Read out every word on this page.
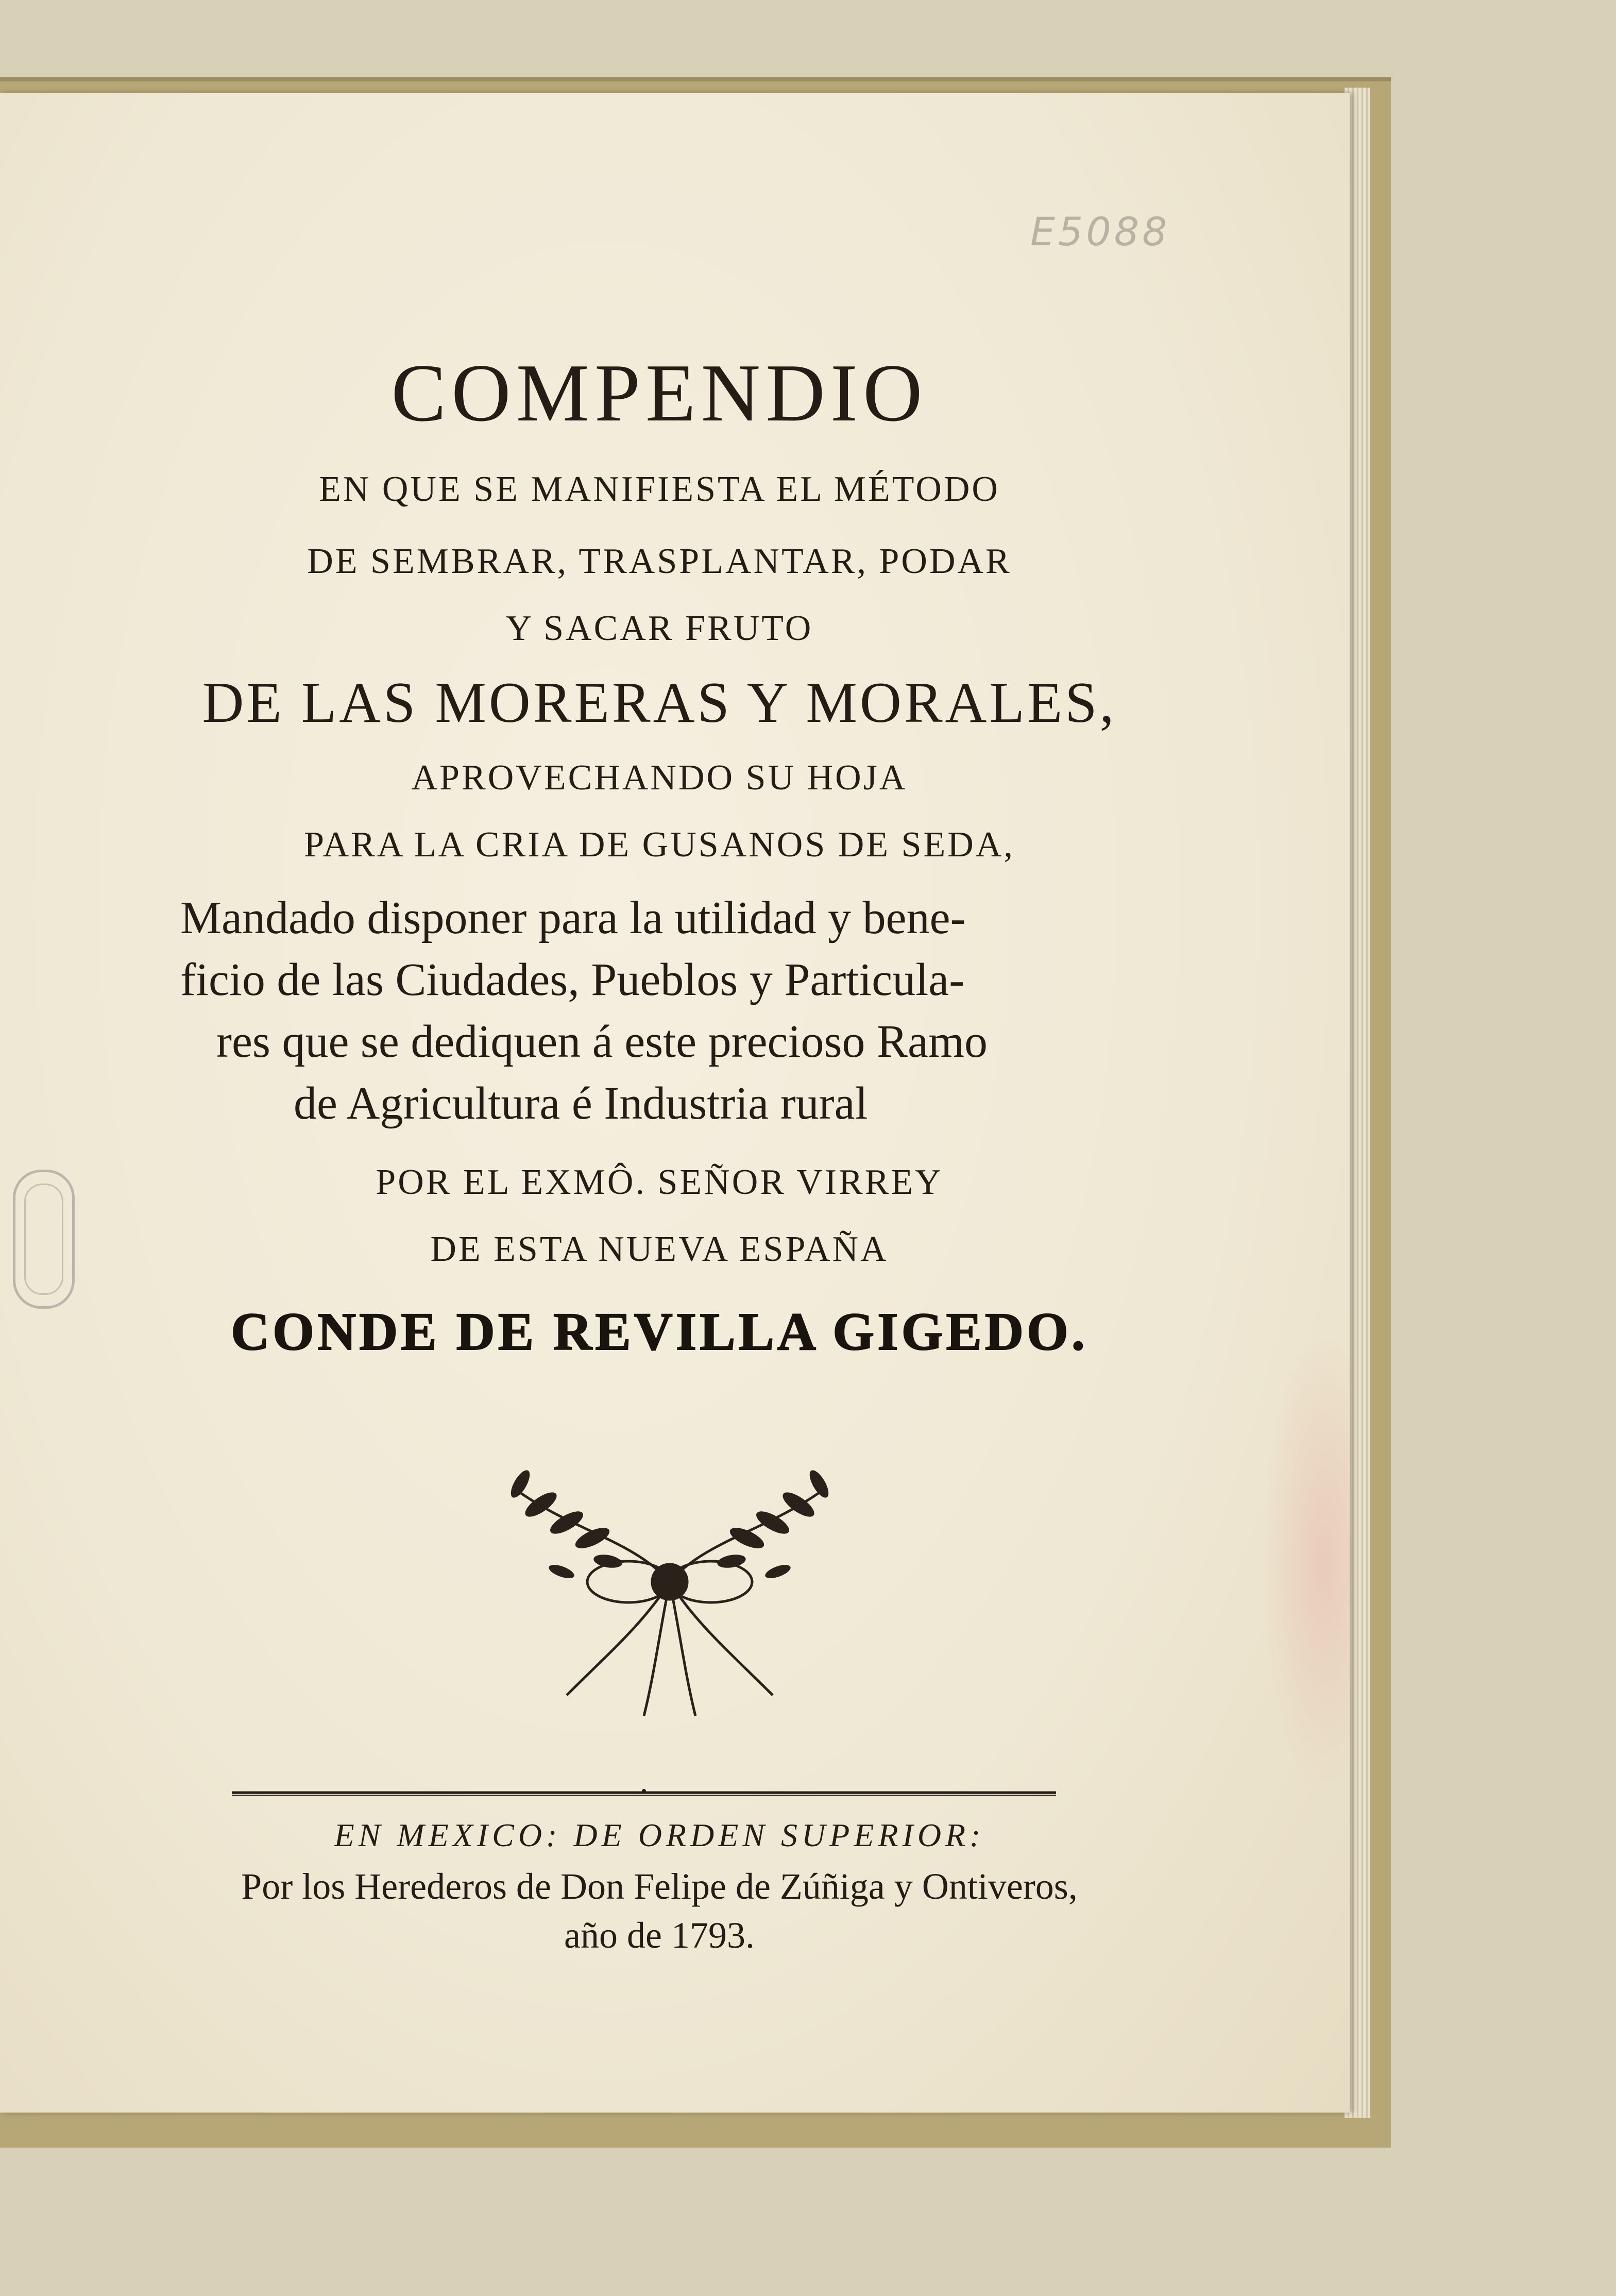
E5088
COMPENDIO
EN QUE SE MANIFIESTA EL MÉTODO
DE SEMBRAR, TRASPLANTAR, PODAR
Y SACAR FRUTO
DE LAS MORERAS Y MORALES,
APROVECHANDO SU HOJA
PARA LA CRIA DE GUSANOS DE SEDA,
Mandado disponer para la utilidad y bene-
ficio de las Ciudades, Pueblos y Particula-
res que se dediquen á este precioso Ramo
de Agricultura é Industria rural
POR EL EXMÔ. SEÑOR VIRREY
DE ESTA NUEVA ESPAÑA
CONDE DE REVILLA GIGEDO.
EN MEXICO: DE ORDEN SUPERIOR:
Por los Herederos de Don Felipe de Zúñiga y Ontiveros,
año de 1793.
